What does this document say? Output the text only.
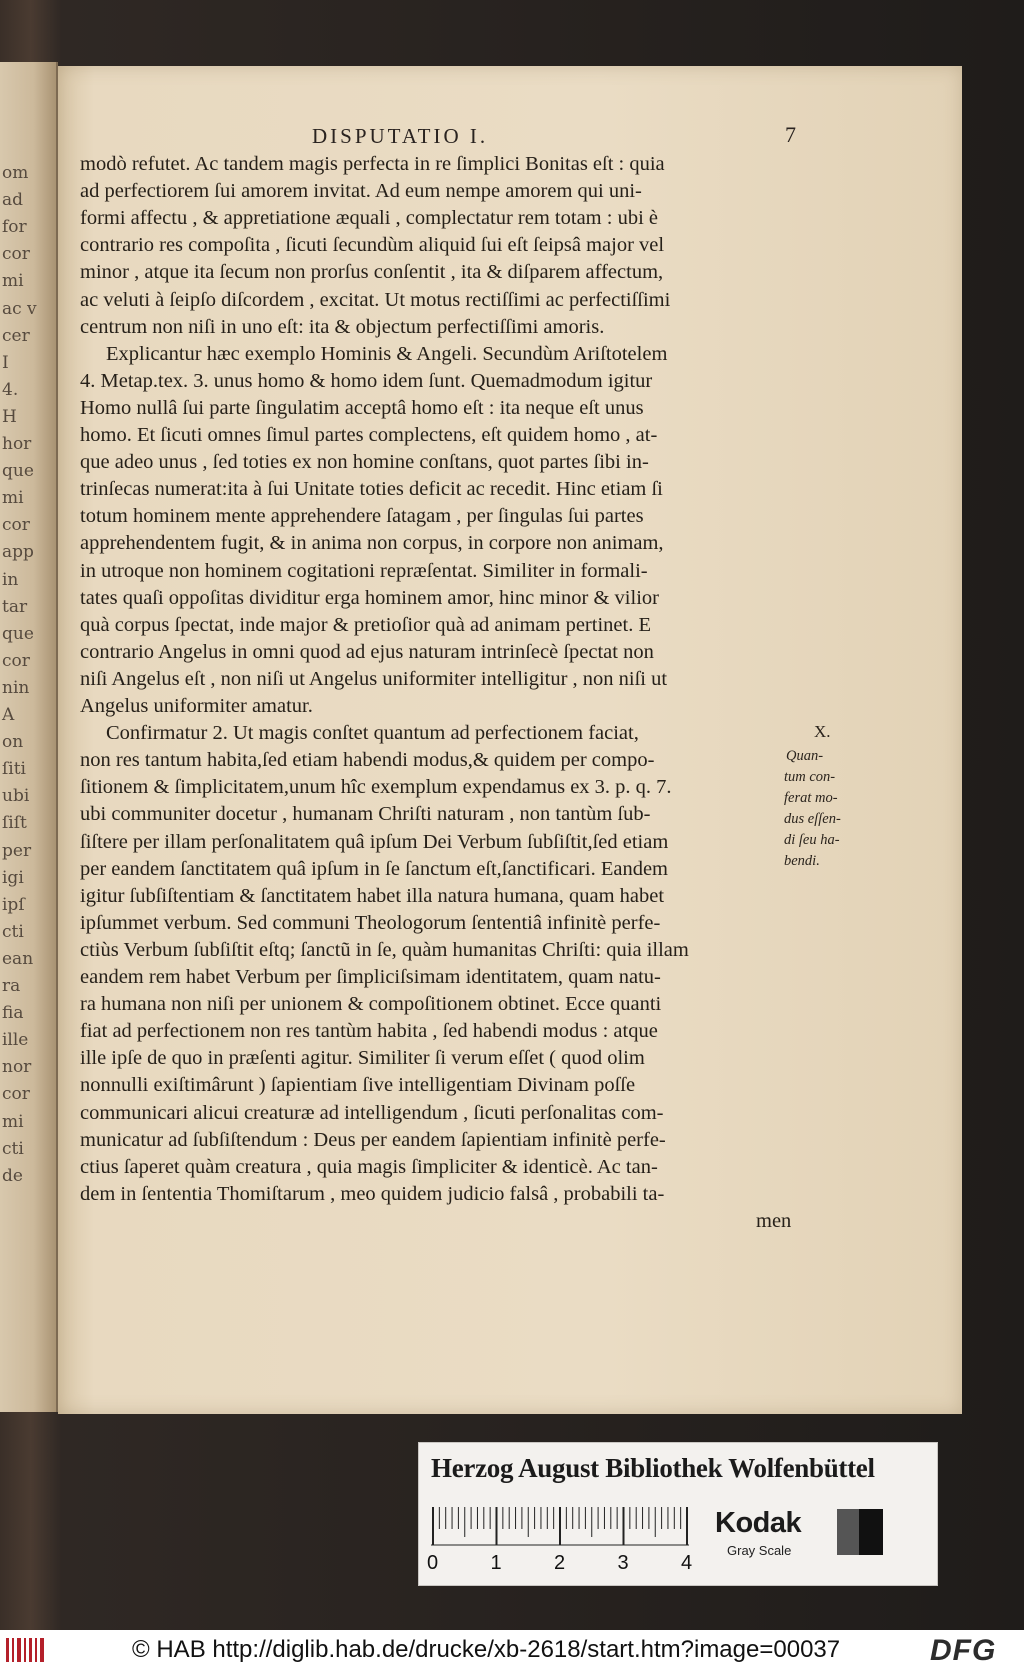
om
ad
for
cor
mi
ac v
cer
I
4.
H
hor
que
mi
cor
app
in
tar
que
cor
nin
A
on
ſiti
ubi
ſiſt
per
igi
ipſ
cti
ean
ra
fia
ille
nor
cor
mi
cti
de
DISPUTATIO I.	7
modò refutet. Ac tandem magis perfecta in re ſimplici Bonitas eſt : quia
ad perfectiorem ſui amorem invitat. Ad eum nempe amorem qui uni-
formi affectu , & appretiatione æquali , complectatur rem totam : ubi è
contrario res compoſita , ſicuti ſecundùm aliquid ſui eſt ſeipsâ major vel
minor , atque ita ſecum non prorſus conſentit , ita & diſparem affectum,
ac veluti à ſeipſo diſcordem , excitat. Ut motus rectiſſimi ac perfectiſſimi
centrum non niſi in uno eſt: ita & objectum perfectiſſimi amoris.
Explicantur hæc exemplo Hominis & Angeli. Secundùm Ariſtotelem
4. Metap.tex. 3. unus homo & homo idem ſunt. Quemadmodum igitur
Homo nullâ ſui parte ſingulatim acceptâ homo eſt : ita neque eſt unus
homo. Et ſicuti omnes ſimul partes complectens, eſt quidem homo , at-
que adeo unus , ſed toties ex non homine conſtans, quot partes ſibi in-
trinſecas numerat:ita à ſui Unitate toties deficit ac recedit. Hinc etiam ſi
totum hominem mente apprehendere ſatagam , per ſingulas ſui partes
apprehendentem fugit, & in anima non corpus, in corpore non animam,
in utroque non hominem cogitationi repræſentat. Similiter in formali-
tates quaſi oppoſitas dividitur erga hominem amor, hinc minor & vilior
quà corpus ſpectat, inde major & pretioſior quà ad animam pertinet. E
contrario Angelus in omni quod ad ejus naturam intrinſecè ſpectat non
niſi Angelus eſt , non niſi ut Angelus uniformiter intelligitur , non niſi ut
Angelus uniformiter amatur.
Confirmatur 2. Ut magis conſtet quantum ad perfectionem faciat,
non res tantum habita,ſed etiam habendi modus,& quidem per compo-
ſitionem & ſimplicitatem,unum hîc exemplum expendamus ex 3. p. q. 7.
ubi communiter docetur , humanam Chriſti naturam , non tantùm ſub-
ſiſtere per illam perſonalitatem quâ ipſum Dei Verbum ſubſiſtit,ſed etiam
per eandem ſanctitatem quâ ipſum in ſe ſanctum eſt,ſanctificari. Eandem
igitur ſubſiſtentiam & ſanctitatem habet illa natura humana, quam habet
ipſummet verbum. Sed communi Theologorum ſententiâ infinitè perfe-
ctiùs Verbum ſubſiſtit eſtq; ſanctũ in ſe, quàm humanitas Chriſti: quia illam
eandem rem habet Verbum per ſimpliciſsimam identitatem, quam natu-
ra humana non niſi per unionem & compoſitionem obtinet. Ecce quanti
fiat ad perfectionem non res tantùm habita , ſed habendi modus : atque
ille ipſe de quo in præſenti agitur. Similiter ſi verum eſſet ( quod olim
nonnulli exiſtimârunt ) ſapientiam ſive intelligentiam Divinam poſſe
communicari alicui creaturæ ad intelligendum , ſicuti perſonalitas com-
municatur ad ſubſiſtendum : Deus per eandem ſapientiam infinitè perfe-
ctius ſaperet quàm creatura , quia magis ſimpliciter & identicè. Ac tan-
dem in ſententia Thomiſtarum , meo quidem judicio falsâ , probabili ta-
men
X.
Quan-
tum con-
ferat mo-
dus eſſen-
di ſeu ha-
bendi.
Herzog August Bibliothek Wolfenbüttel
0	1	2	3	4
Kodak
Gray Scale
© HAB http://diglib.hab.de/drucke/xb-2618/start.htm?image=00037	DFG
